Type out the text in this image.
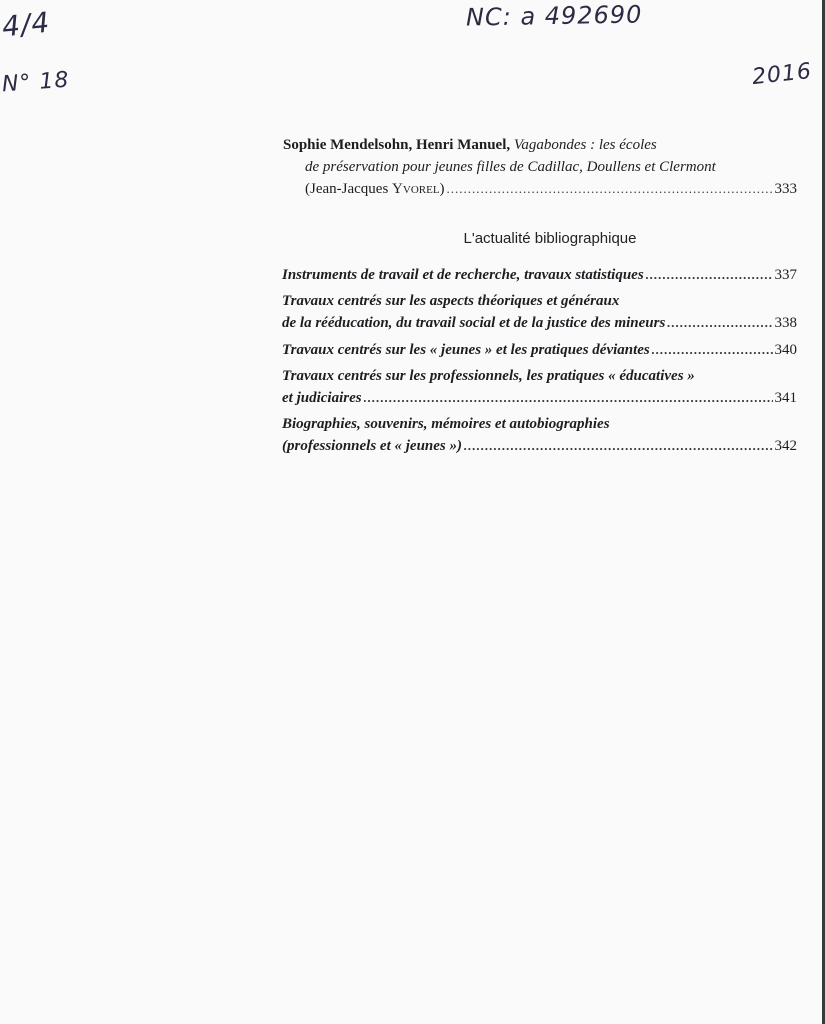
4/4
N° 18
NC: a 492690
2016
Sophie Mendelsohn, Henri Manuel, Vagabondes : les écoles
de préservation pour jeunes filles de Cadillac, Doullens et Clermont
(Jean-Jacques Yvorel) .....	333
L'actualité bibliographique
Instruments de travail et de recherche, travaux statistiques .....	337
Travaux centrés sur les aspects théoriques et généraux
de la rééducation, du travail social et de la justice des mineurs .....	338
Travaux centrés sur les « jeunes » et les pratiques déviantes .....	340
Travaux centrés sur les professionnels, les pratiques « éducatives »
et judiciaires .....	341
Biographies, souvenirs, mémoires et autobiographies
(professionnels et « jeunes ») .....	342
